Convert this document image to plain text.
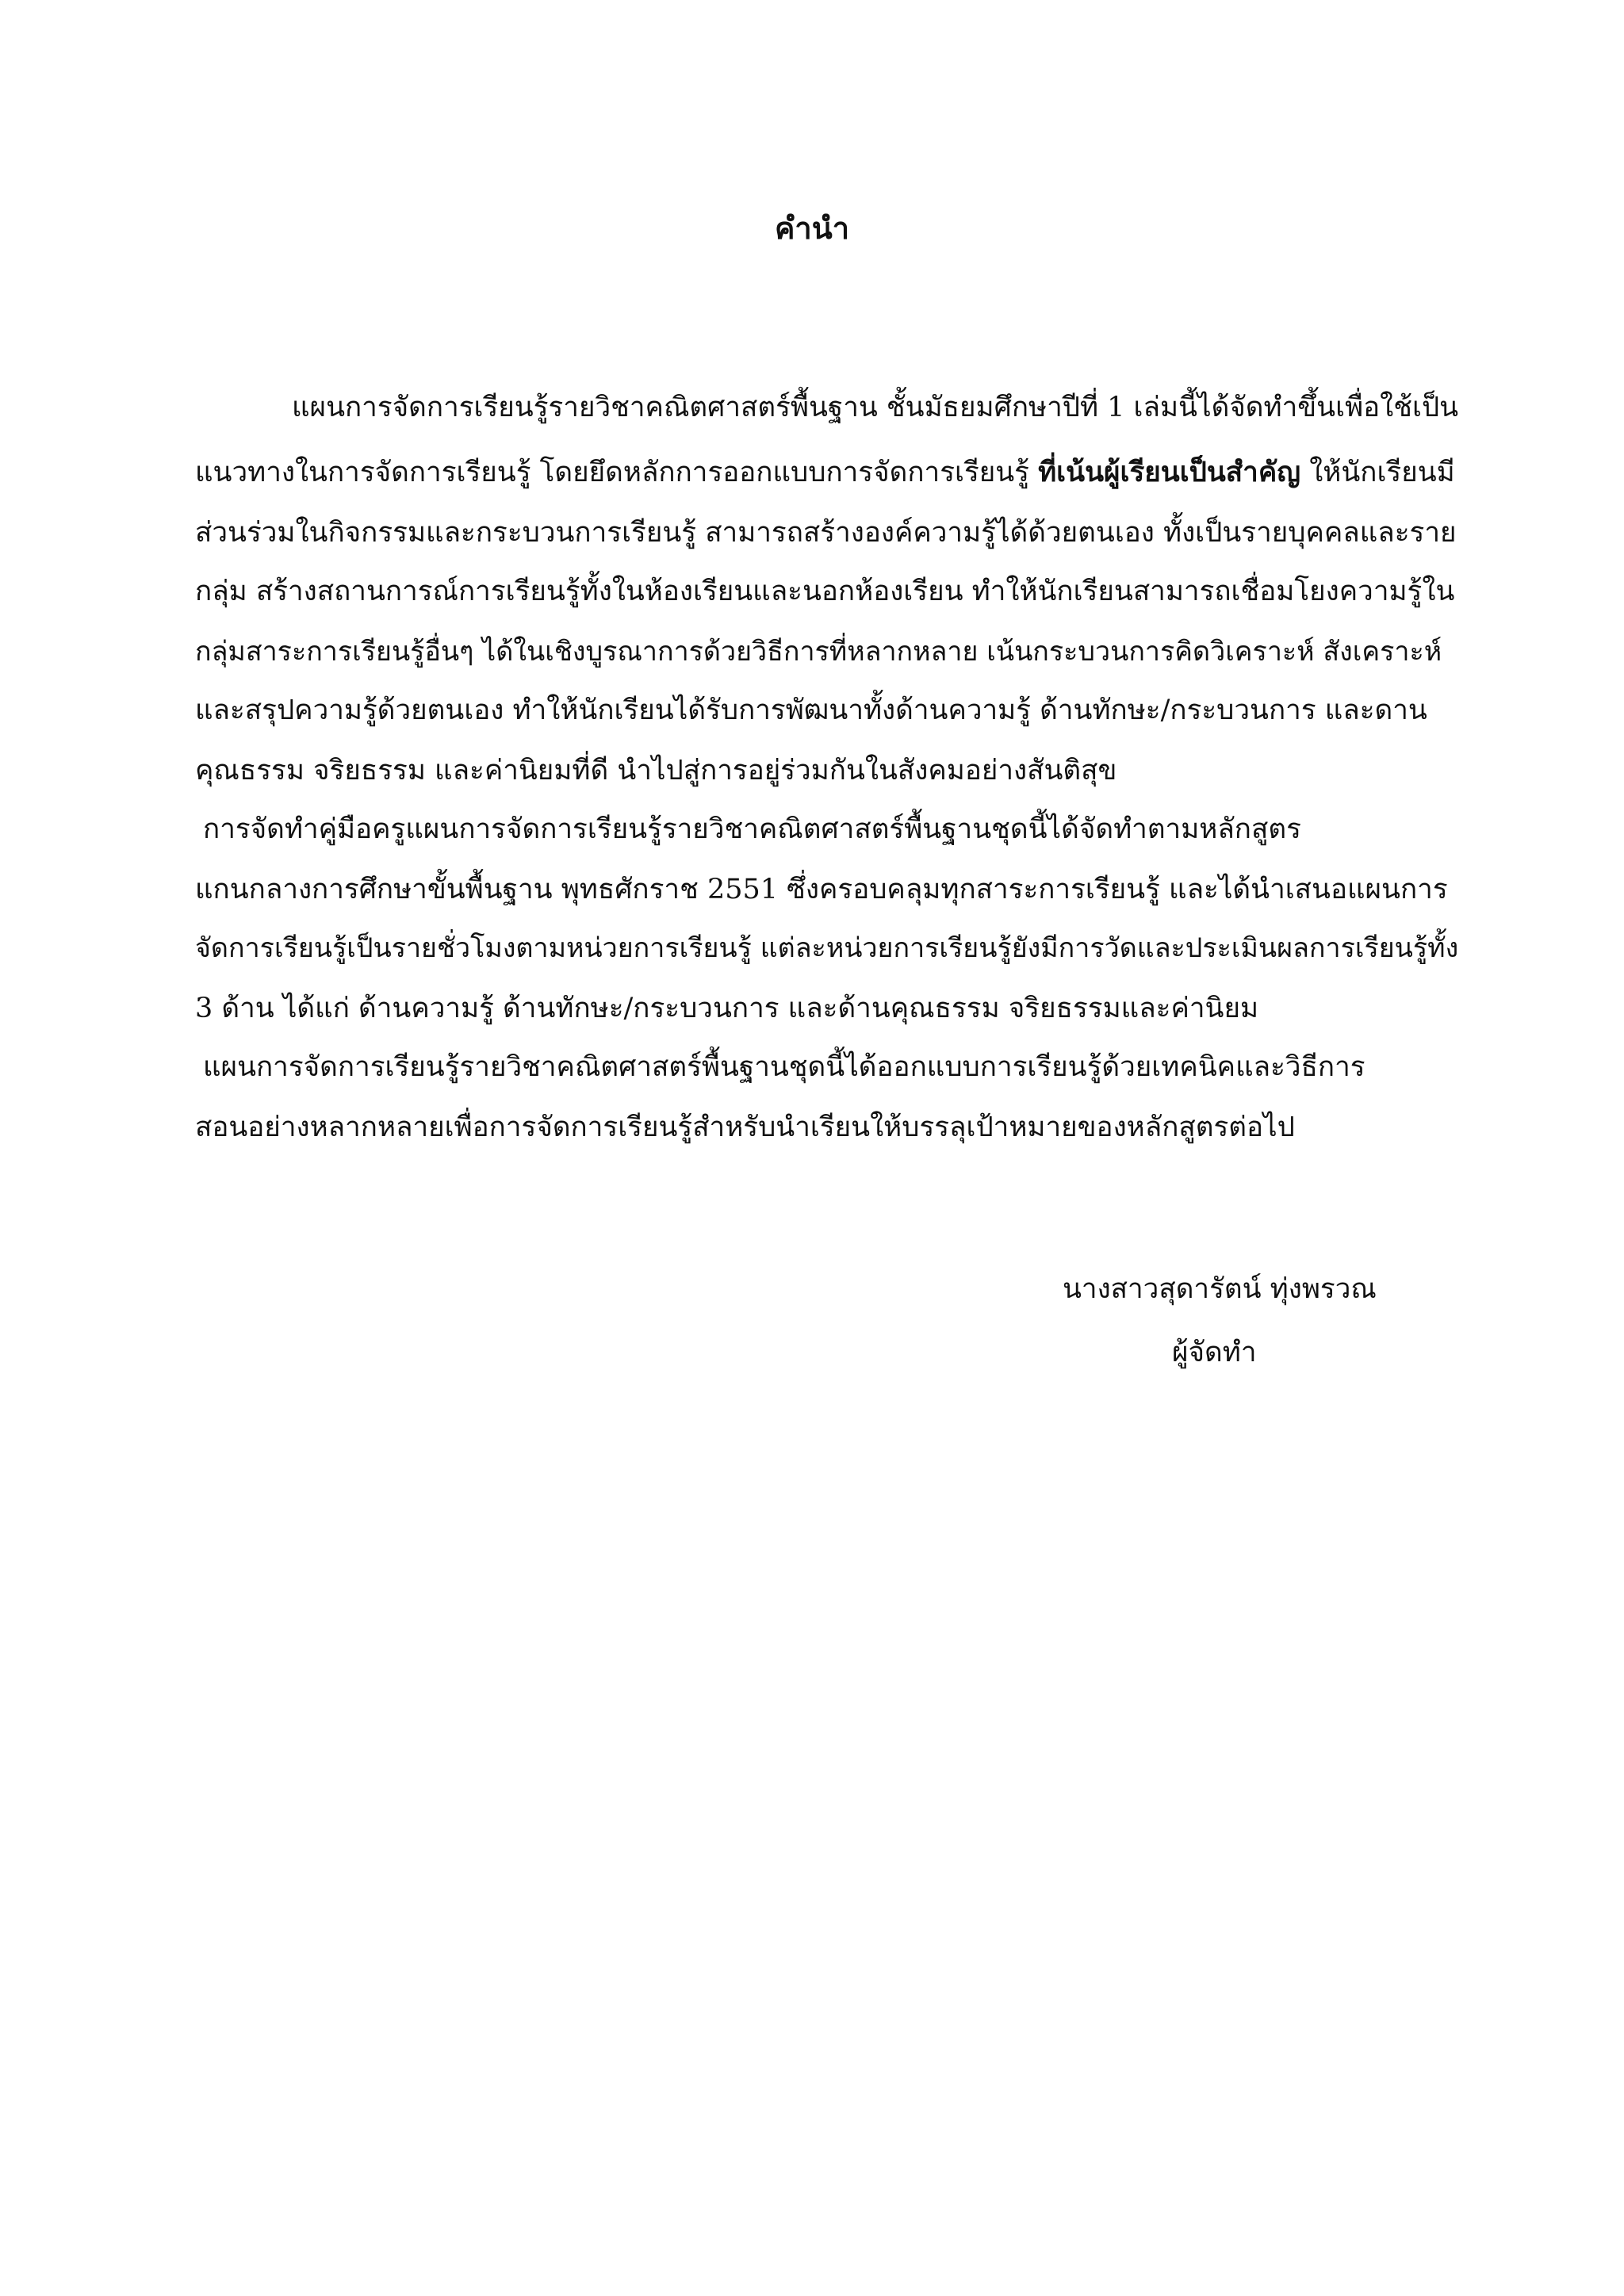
คำนำ
แผนการจัดการเรียนรู้รายวิชาคณิตศาสตร์พื้นฐาน ชั้นมัธยมศึกษาปีที่ 1 เล่มนี้ได้จัดทำขึ้นเพื่อใช้เป็น
แนวทางในการจัดการเรียนรู้ โดยยึดหลักการออกแบบการจัดการเรียนรู้ ที่เน้นผู้เรียนเป็นสำคัญ ให้นักเรียนมี
ส่วนร่วมในกิจกรรมและกระบวนการเรียนรู้ สามารถสร้างองค์ความรู้ได้ด้วยตนเอง ทั้งเป็นรายบุคคลและราย
กลุ่ม สร้างสถานการณ์การเรียนรู้ทั้งในห้องเรียนและนอกห้องเรียน ทำให้นักเรียนสามารถเชื่อมโยงความรู้ใน
กลุ่มสาระการเรียนรู้อื่นๆ ได้ในเชิงบูรณาการด้วยวิธีการที่หลากหลาย เน้นกระบวนการคิดวิเคราะห์ สังเคราะห์
และสรุปความรู้ด้วยตนเอง ทำให้นักเรียนได้รับการพัฒนาทั้งด้านความรู้ ด้านทักษะ/กระบวนการ และดาน
คุณธรรม จริยธรรม และค่านิยมที่ดี นำไปสู่การอยู่ร่วมกันในสังคมอย่างสันติสุข
การจัดทำคู่มือครูแผนการจัดการเรียนรู้รายวิชาคณิตศาสตร์พื้นฐานชุดนี้ได้จัดทำตามหลักสูตร
แกนกลางการศึกษาขั้นพื้นฐาน พุทธศักราช 2551 ซึ่งครอบคลุมทุกสาระการเรียนรู้ และได้นำเสนอแผนการ
จัดการเรียนรู้เป็นรายชั่วโมงตามหน่วยการเรียนรู้ แต่ละหน่วยการเรียนรู้ยังมีการวัดและประเมินผลการเรียนรู้ทั้ง
3 ด้าน ได้แก่ ด้านความรู้ ด้านทักษะ/กระบวนการ และด้านคุณธรรม จริยธรรมและค่านิยม
แผนการจัดการเรียนรู้รายวิชาคณิตศาสตร์พื้นฐานชุดนี้ได้ออกแบบการเรียนรู้ด้วยเทคนิคและวิธีการ
สอนอย่างหลากหลายเพื่อการจัดการเรียนรู้สำหรับนำเรียนให้บรรลุเป้าหมายของหลักสูตรต่อไป
นางสาวสุดารัตน์ ทุ่งพรวณ
ผู้จัดทำ
